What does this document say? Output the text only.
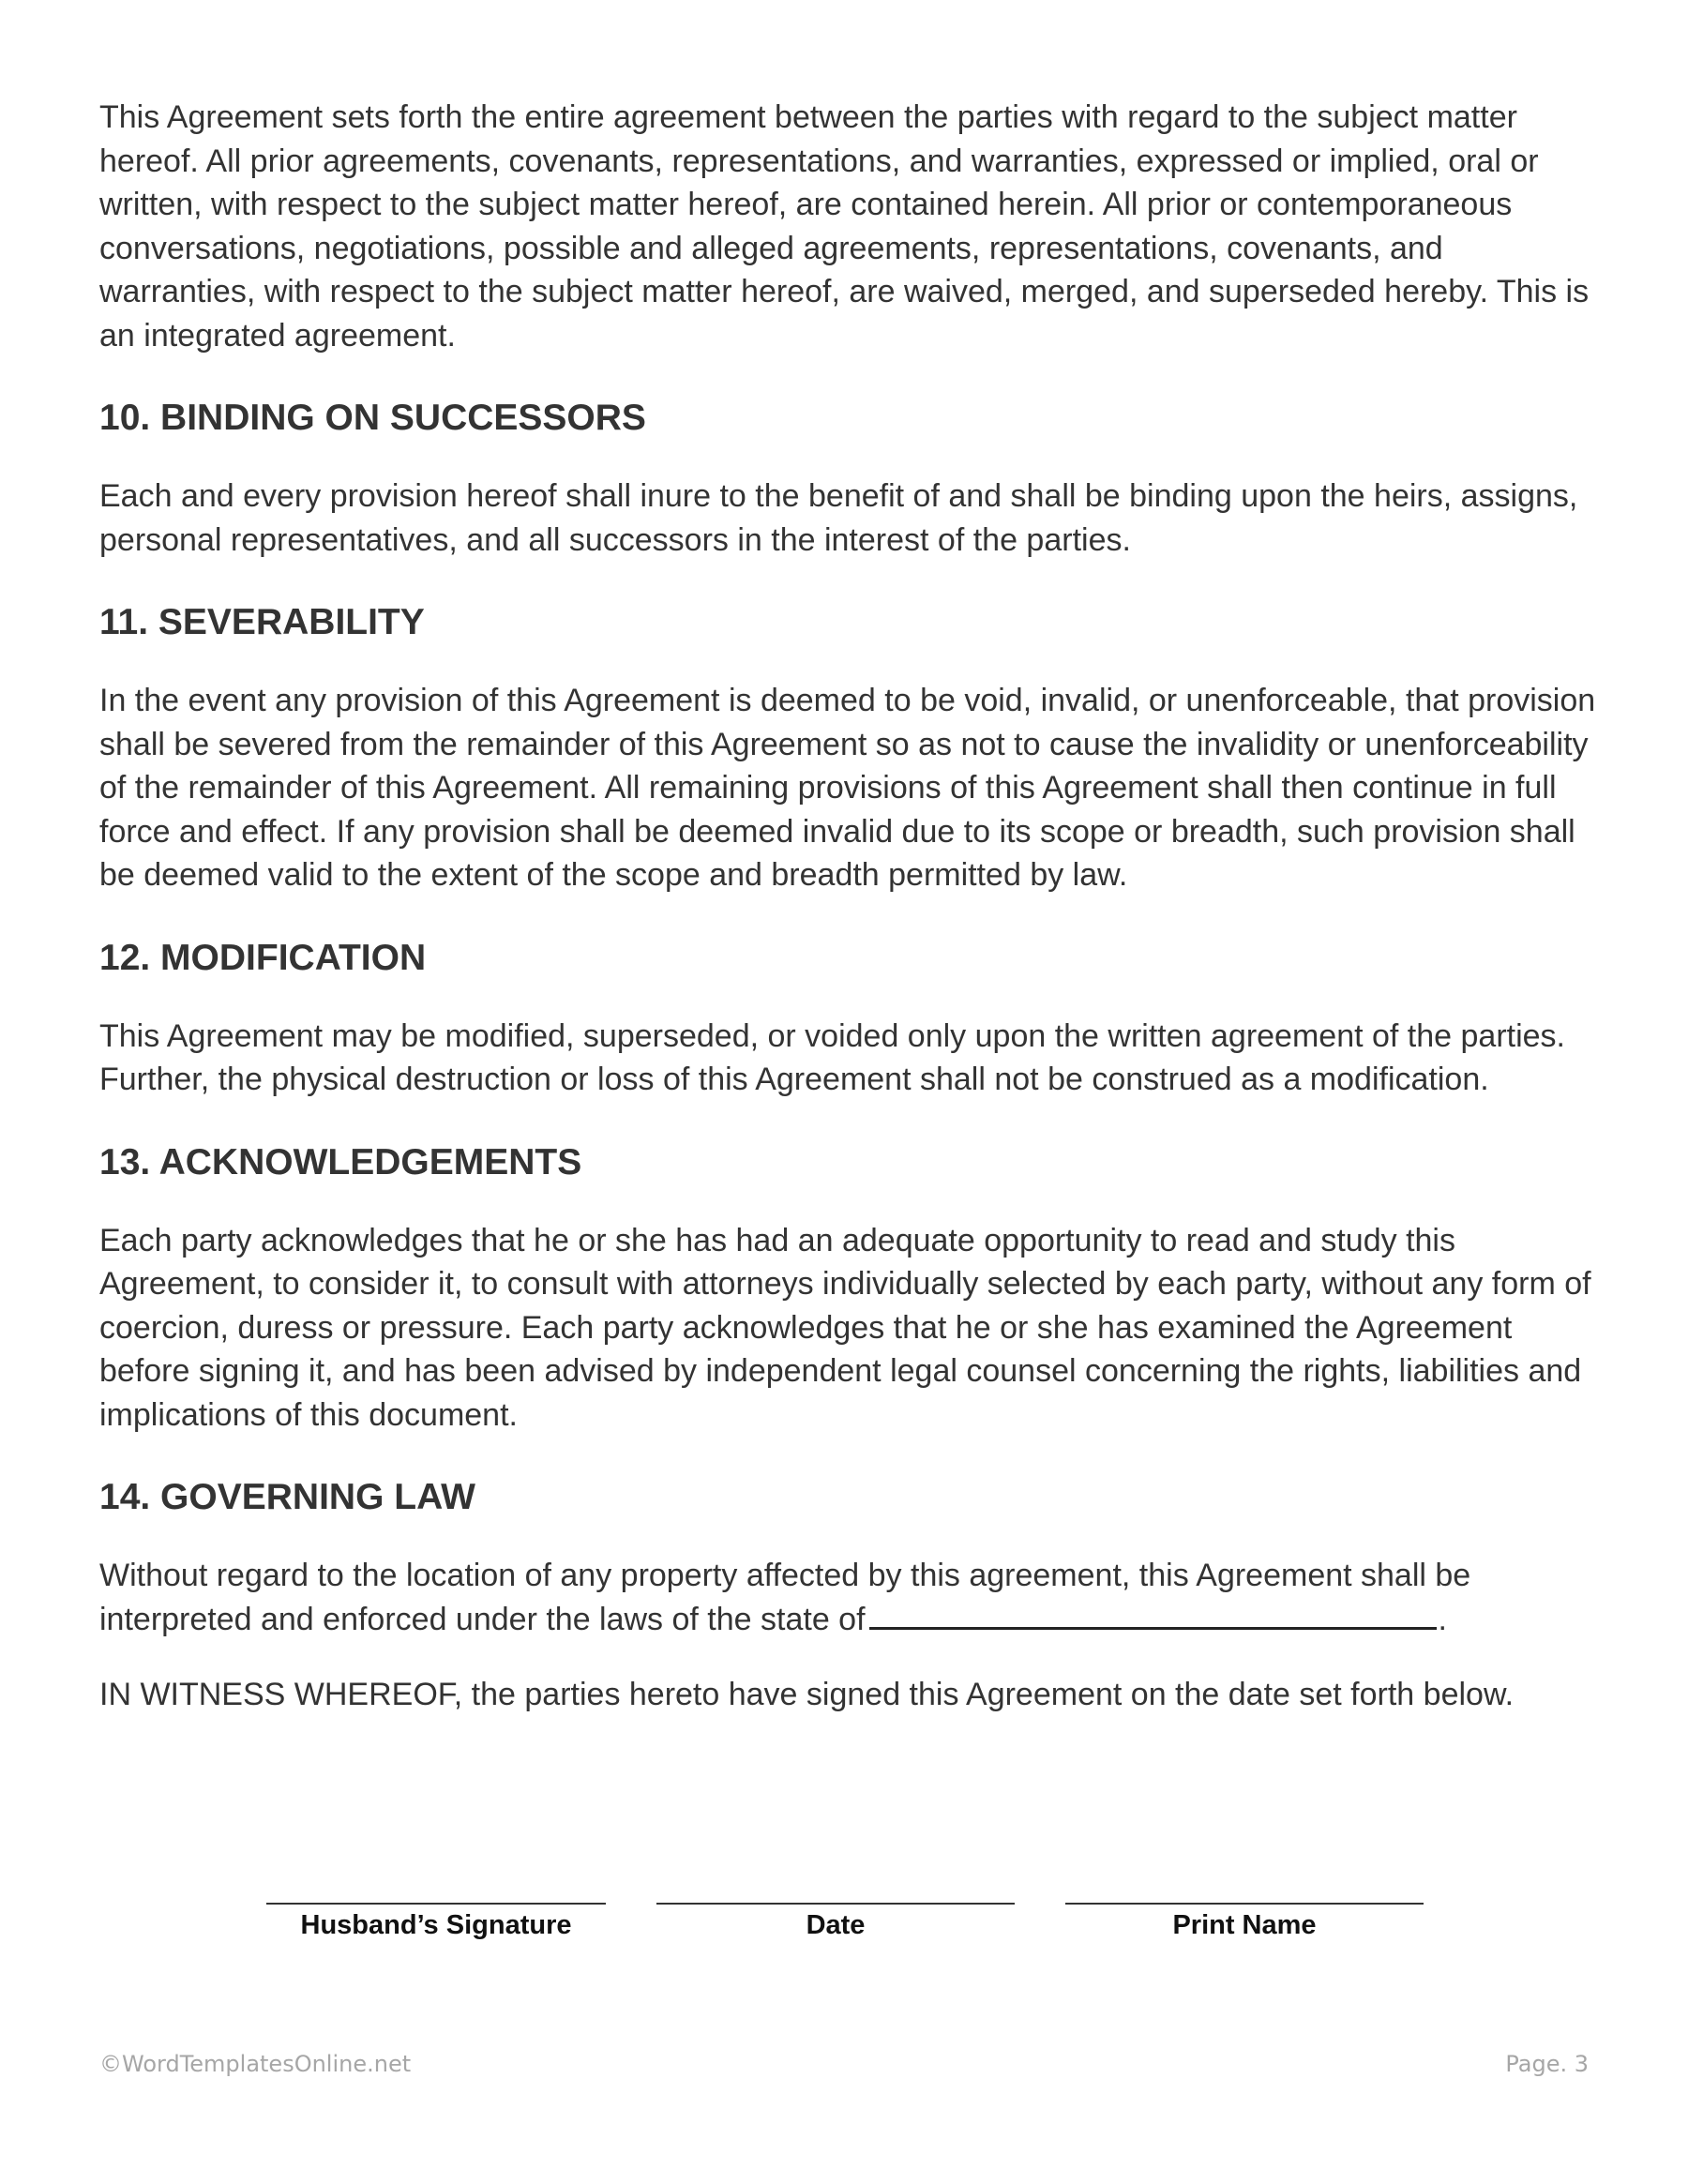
This Agreement sets forth the entire agreement between the parties with regard to the subject matter hereof. All prior agreements, covenants, representations, and warranties, expressed or implied, oral or written, with respect to the subject matter hereof, are contained herein. All prior or contemporaneous conversations, negotiations, possible and alleged agreements, representations, covenants, and warranties, with respect to the subject matter hereof, are waived, merged, and superseded hereby. This is an integrated agreement.

10. BINDING ON SUCCESSORS

Each and every provision hereof shall inure to the benefit of and shall be binding upon the heirs, assigns, personal representatives, and all successors in the interest of the parties.

11. SEVERABILITY

In the event any provision of this Agreement is deemed to be void, invalid, or unenforceable, that provision shall be severed from the remainder of this Agreement so as not to cause the invalidity or unenforceability of the remainder of this Agreement. All remaining provisions of this Agreement shall then continue in full force and effect. If any provision shall be deemed invalid due to its scope or breadth, such provision shall be deemed valid to the extent of the scope and breadth permitted by law.

12. MODIFICATION

This Agreement may be modified, superseded, or voided only upon the written agreement of the parties. Further, the physical destruction or loss of this Agreement shall not be construed as a modification.

13. ACKNOWLEDGEMENTS

Each party acknowledges that he or she has had an adequate opportunity to read and study this Agreement, to consider it, to consult with attorneys individually selected by each party, without any form of coercion, duress or pressure. Each party acknowledges that he or she has examined the Agreement before signing it, and has been advised by independent legal counsel concerning the rights, liabilities and implications of this document.

14. GOVERNING LAW

Without regard to the location of any property affected by this agreement, this Agreement shall be interpreted and enforced under the laws of the state of	.

IN WITNESS WHEREOF, the parties hereto have signed this Agreement on the date set forth below.

Husband’s Signature	Date	Print Name
©WordTemplatesOnline.net	Page. 3
